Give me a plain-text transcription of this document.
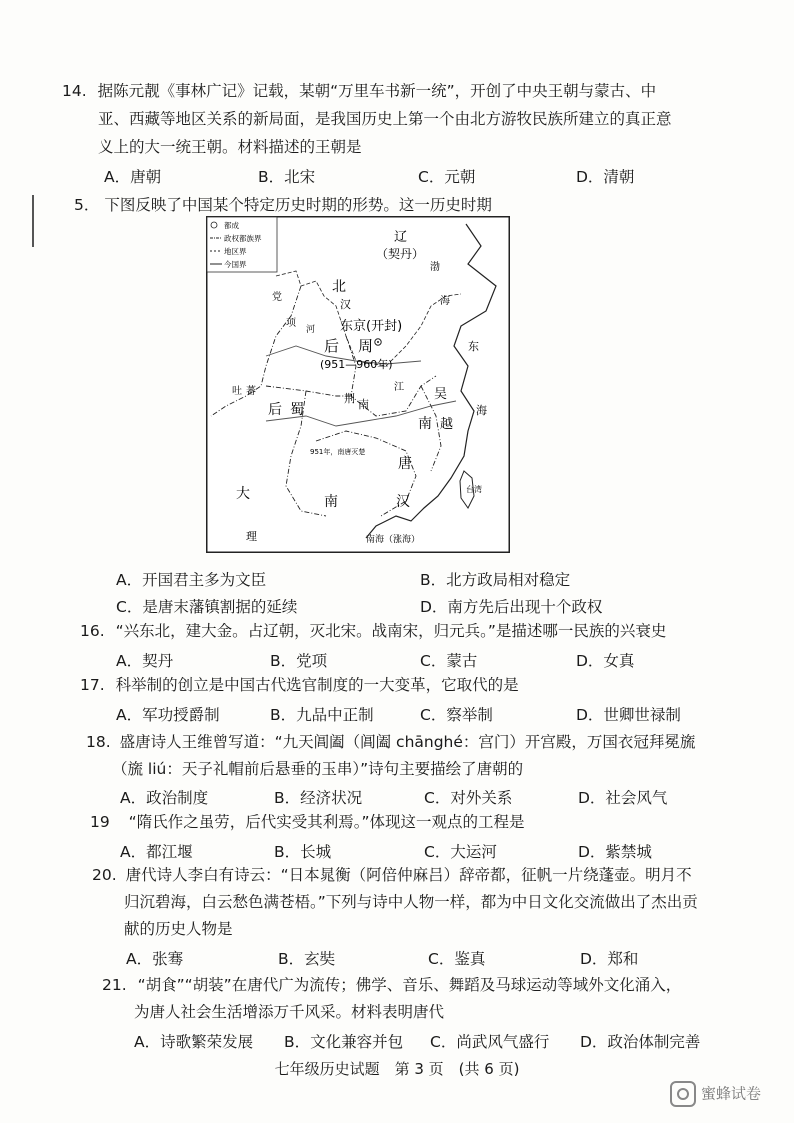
14. 据陈元靓《事林广记》记载，某朝“万里车书新一统”，开创了中央王朝与蒙古、中
亚、西藏等地区关系的新局面，是我国历史上第一个由北方游牧民族所建立的真正意
义上的大一统王朝。材料描述的王朝是
A．唐朝	B．北宋	C．元朝	D．清朝
5． 下图反映了中国某个特定历史时期的形势。这一历史时期
都成
政权都族界
地区界
今国界
辽
（契丹）
北
汉
东京(开封)
后 周
(951—960年)
党
项
吐 蕃
后 蜀
荆 南
南
唐
吴
越
951年，南唐灭楚
南	汉
大
理	南海（涨海）
东
海
台湾
渤
海
江
河
A．开国君主多为文臣	B．北方政局相对稳定
C．是唐末藩镇割据的延续	D．南方先后出现十个政权
16. “兴东北，建大金。占辽朝，灭北宋。战南宋，归元兵。”是描述哪一民族的兴衰史
A．契丹	B．党项	C．蒙古	D．女真
17. 科举制的创立是中国古代选官制度的一大变革，它取代的是
A．军功授爵制	B．九品中正制	C．察举制	D．世卿世禄制
18. 盛唐诗人王维曾写道：“九天阊阖（阊阖 chānghé：宫门）开宫殿，万国衣冠拜冕旒
（旒 liú：天子礼帽前后悬垂的玉串）”诗句主要描绘了唐朝的
A．政治制度	B．经济状况	C．对外关系	D．社会风气
19 “隋氏作之虽劳，后代实受其利焉。”体现这一观点的工程是
A．都江堰	B．长城	C．大运河	D．紫禁城
20. 唐代诗人李白有诗云：“日本晁衡（阿倍仲麻吕）辞帝都，征帆一片绕蓬壶。明月不
归沉碧海，白云愁色满苍梧。”下列与诗中人物一样，都为中日文化交流做出了杰出贡
献的历史人物是
A．张骞	B．玄奘	C．鉴真	D．郑和
21. “胡食”“胡装”在唐代广为流传；佛学、音乐、舞蹈及马球运动等域外文化涌入，
为唐人社会生活增添万千风采。材料表明唐代
A．诗歌繁荣发展 B．文化兼容并包 C．尚武风气盛行 D．政治体制完善
七年级历史试题　第 3 页　(共 6 页)
蜜蜂试卷
